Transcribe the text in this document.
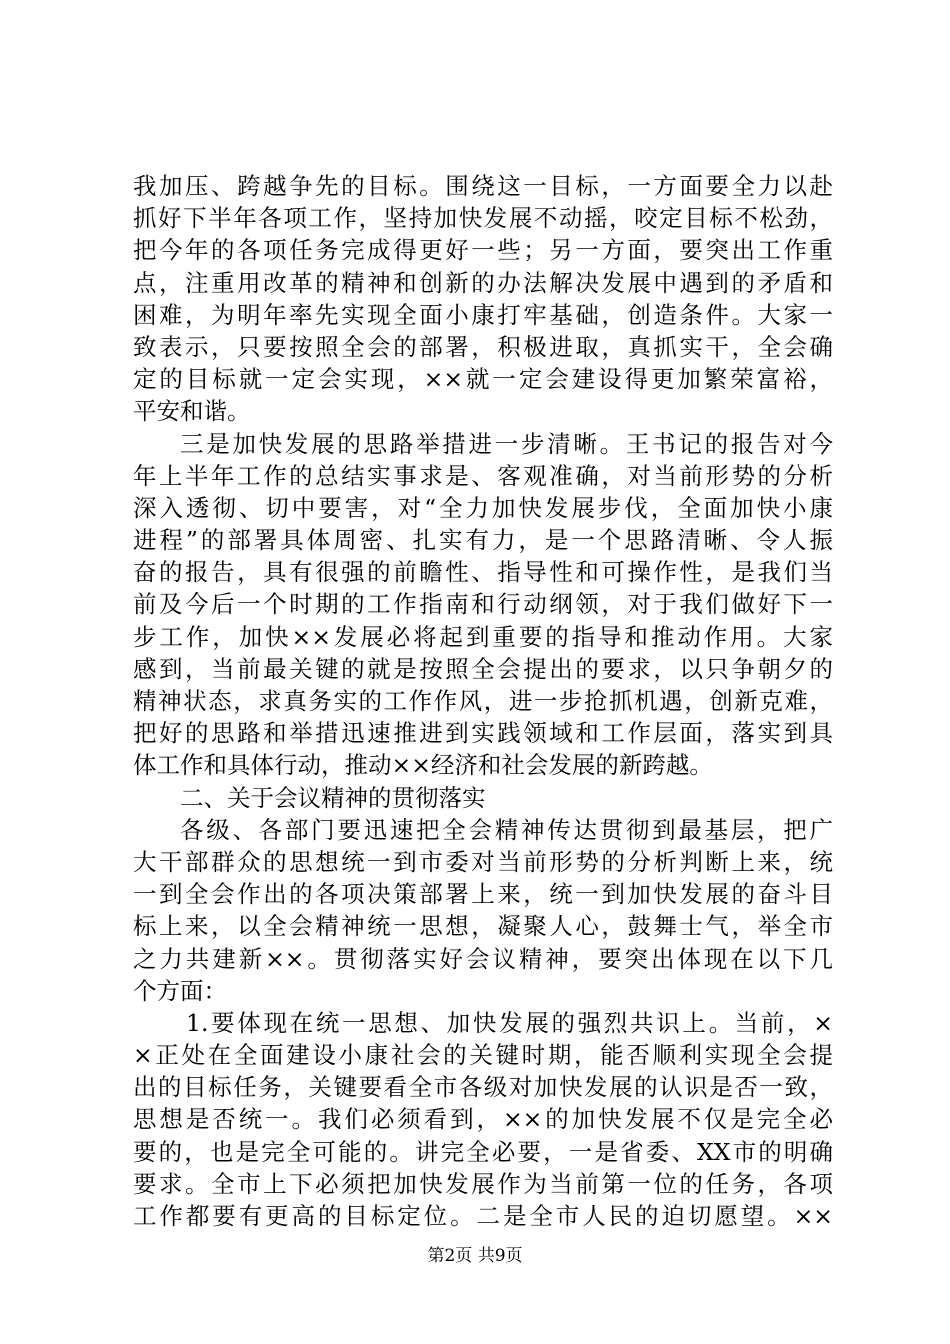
我加压、跨越争先的目标。围绕这一目标，一方面要全力以赴
抓好下半年各项工作，坚持加快发展不动摇，咬定目标不松劲，
把今年的各项任务完成得更好一些；另一方面，要突出工作重
点，注重用改革的精神和创新的办法解决发展中遇到的矛盾和
困难，为明年率先实现全面小康打牢基础，创造条件。大家一
致表示，只要按照全会的部署，积极进取，真抓实干，全会确
定的目标就一定会实现，××就一定会建设得更加繁荣富裕，
平安和谐。
三是加快发展的思路举措进一步清晰。王书记的报告对今
年上半年工作的总结实事求是、客观准确，对当前形势的分析
深入透彻、切中要害，对“全力加快发展步伐，全面加快小康
进程”的部署具体周密、扎实有力，是一个思路清晰、令人振
奋的报告，具有很强的前瞻性、指导性和可操作性，是我们当
前及今后一个时期的工作指南和行动纲领，对于我们做好下一
步工作，加快××发展必将起到重要的指导和推动作用。大家
感到，当前最关键的就是按照全会提出的要求，以只争朝夕的
精神状态，求真务实的工作作风，进一步抢抓机遇，创新克难，
把好的思路和举措迅速推进到实践领域和工作层面，落实到具
体工作和具体行动，推动××经济和社会发展的新跨越。
二、关于会议精神的贯彻落实
各级、各部门要迅速把全会精神传达贯彻到最基层，把广
大干部群众的思想统一到市委对当前形势的分析判断上来，统
一到全会作出的各项决策部署上来，统一到加快发展的奋斗目
标上来，以全会精神统一思想，凝聚人心，鼓舞士气，举全市
之力共建新××。贯彻落实好会议精神，要突出体现在以下几
个方面：
1.要体现在统一思想、加快发展的强烈共识上。当前，×
×正处在全面建设小康社会的关键时期，能否顺利实现全会提
出的目标任务，关键要看全市各级对加快发展的认识是否一致，
思想是否统一。我们必须看到，××的加快发展不仅是完全必
要的，也是完全可能的。讲完全必要，一是省委、XX市的明确
要求。全市上下必须把加快发展作为当前第一位的任务，各项
工作都要有更高的目标定位。二是全市人民的迫切愿望。××
第2页 共9页
